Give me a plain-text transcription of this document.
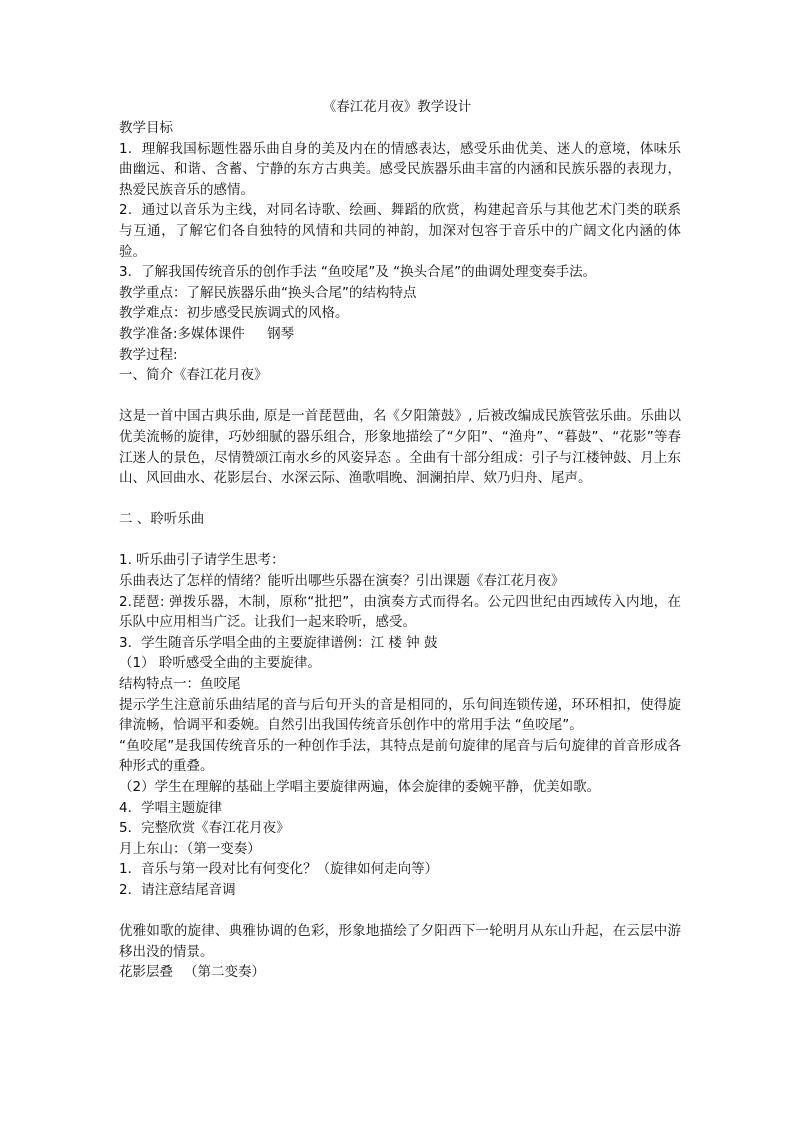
《春江花月夜》教学设计

教学目标

1．理解我国标题性器乐曲自身的美及内在的情感表达，感受乐曲优美、迷人的意境，体味乐曲幽远、和谐、含蓄、宁静的东方古典美。感受民族器乐曲丰富的内涵和民族乐器的表现力，热爱民族音乐的感情。

2．通过以音乐为主线，对同名诗歌、绘画、舞蹈的欣赏，构建起音乐与其他艺术门类的联系与互通，了解它们各自独特的风情和共同的神韵，加深对包容于音乐中的广阔文化内涵的体验。

3．了解我国传统音乐的创作手法 “鱼咬尾”及 “换头合尾”的曲调处理变奏手法。

教学重点：了解民族器乐曲“换头合尾”的结构特点

教学难点：初步感受民族调式的风格。

教学准备:多媒体课件 　 钢琴

教学过程:

一、简介《春江花月夜》

这是一首中国古典乐曲, 原是一首琵琶曲，名《夕阳箫鼓》, 后被改编成民族管弦乐曲。乐曲以优美流畅的旋律，巧妙细腻的器乐组合，形象地描绘了“夕阳”、“渔舟”、“暮鼓”、“花影”等春江迷人的景色，尽情赞颂江南水乡的风姿异态 。全曲有十部分组成：引子与江楼钟鼓、月上东山、风回曲水、花影层台、水深云际、渔歌唱晚、洄澜拍岸、欸乃归舟、尾声。

二 、聆听乐曲

1. 听乐曲引子请学生思考：

乐曲表达了怎样的情绪？能听出哪些乐器在演奏？引出课题《春江花月夜》

2.琵琶: 弹拨乐器，木制，原称“批把”，由演奏方式而得名。公元四世纪由西域传入内地，在乐队中应用相当广泛。让我们一起来聆听，感受。

3．学生随音乐学唱全曲的主要旋律谱例：江 楼 钟 鼓

（1） 聆听感受全曲的主要旋律。

结构特点一：鱼咬尾

提示学生注意前乐曲结尾的音与后句开头的音是相同的，乐句间连锁传递，环环相扣，使得旋律流畅，恰调平和委婉。自然引出我国传统音乐创作中的常用手法 “鱼咬尾”。

“鱼咬尾”是我国传统音乐的一种创作手法，其特点是前句旋律的尾音与后句旋律的首音形成各种形式的重叠。

（2）学生在理解的基础上学唱主要旋律两遍，体会旋律的委婉平静，优美如歌。

4．学唱主题旋律

5．完整欣赏《春江花月夜》

月上东山：（第一变奏）

1．音乐与第一段对比有何变化？（旋律如何走向等）

2．请注意结尾音调

优雅如歌的旋律、典雅协调的色彩，形象地描绘了夕阳西下一轮明月从东山升起，在云层中游移出没的情景。

花影层叠 　（第二变奏）
